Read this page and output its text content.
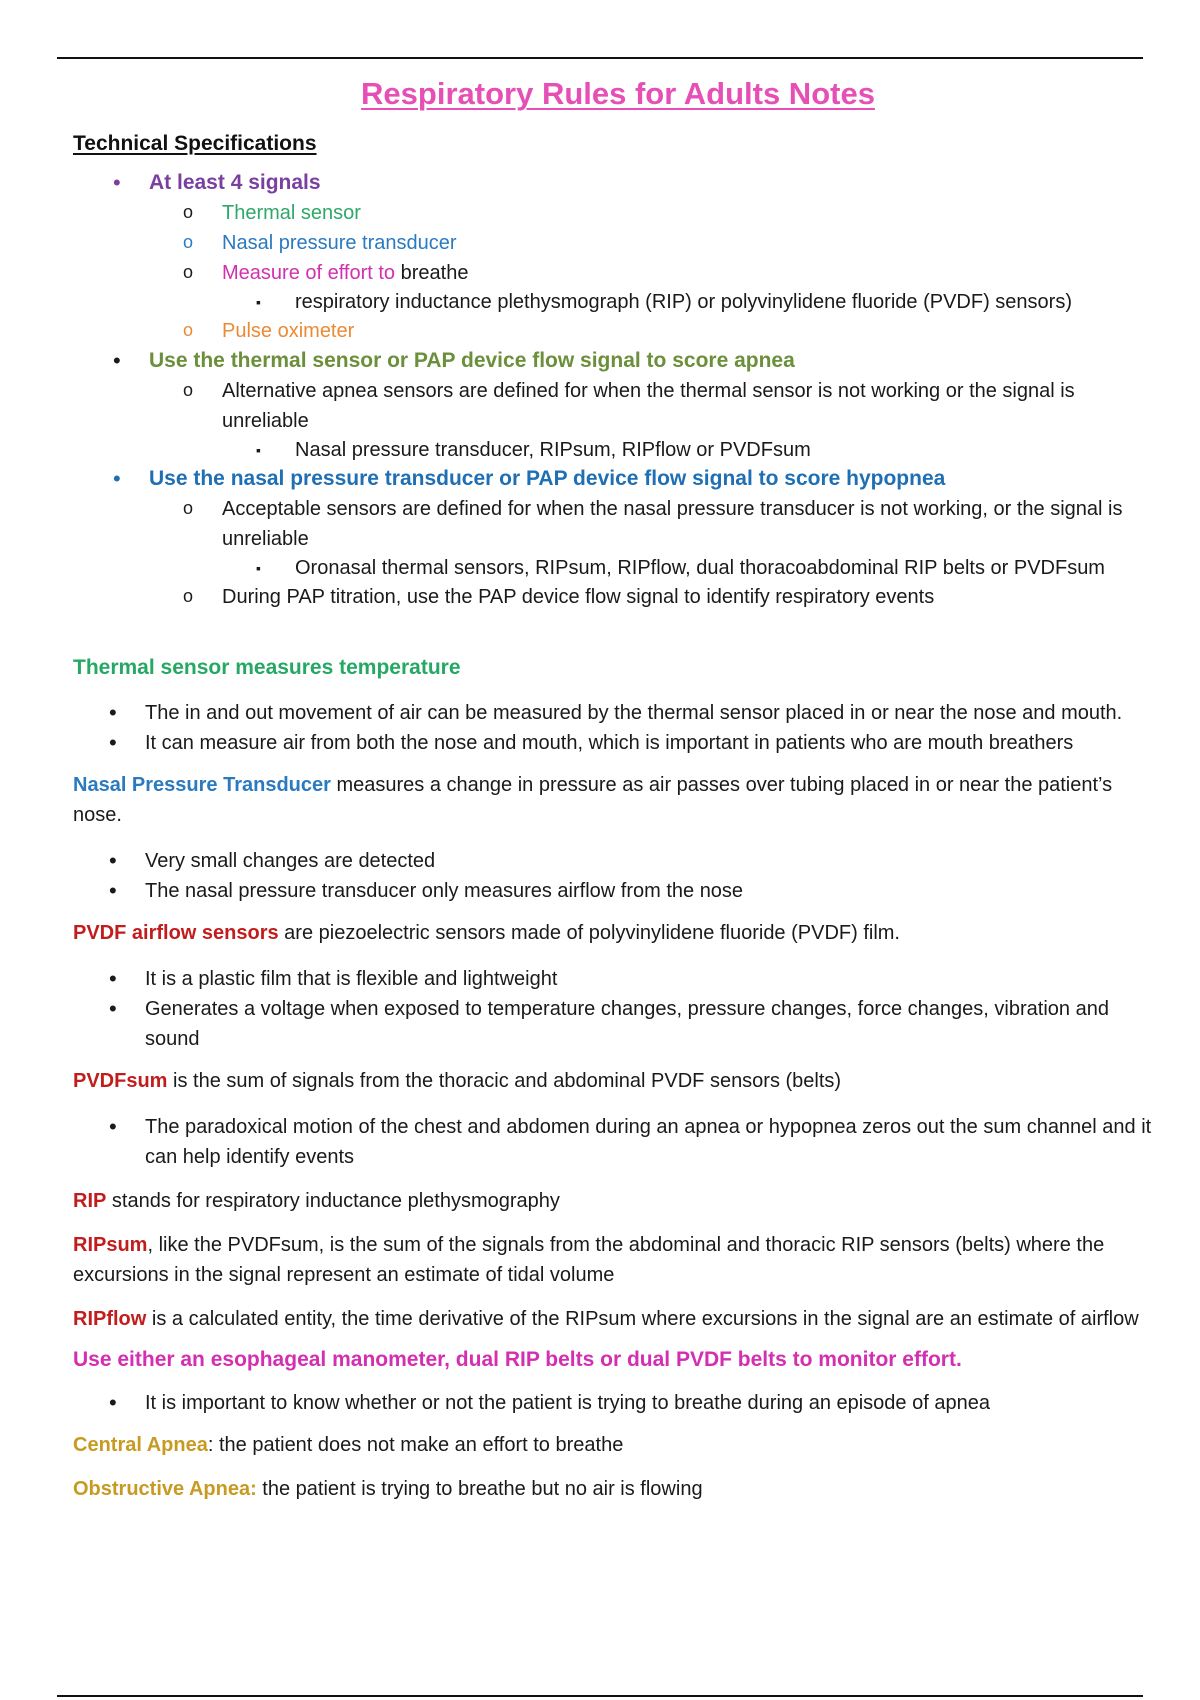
Respiratory Rules for Adults Notes
Technical Specifications
• At least 4 signals
o Thermal sensor
o Nasal pressure transducer
o Measure of effort to breathe
▪ respiratory inductance plethysmograph (RIP) or polyvinylidene fluoride (PVDF) sensors)
o Pulse oximeter
• Use the thermal sensor or PAP device flow signal to score apnea
o Alternative apnea sensors are defined for when the thermal sensor is not working or the signal is unreliable
▪ Nasal pressure transducer, RIPsum, RIPflow or PVDFsum
• Use the nasal pressure transducer or PAP device flow signal to score hypopnea
o Acceptable sensors are defined for when the nasal pressure transducer is not working, or the signal is unreliable
▪ Oronasal thermal sensors, RIPsum, RIPflow, dual thoracoabdominal RIP belts or PVDFsum
o During PAP titration, use the PAP device flow signal to identify respiratory events

Thermal sensor measures temperature

• The in and out movement of air can be measured by the thermal sensor placed in or near the nose and mouth.
• It can measure air from both the nose and mouth, which is important in patients who are mouth breathers

Nasal Pressure Transducer measures a change in pressure as air passes over tubing placed in or near the patient’s nose.

• Very small changes are detected
• The nasal pressure transducer only measures airflow from the nose

PVDF airflow sensors are piezoelectric sensors made of polyvinylidene fluoride (PVDF) film.

• It is a plastic film that is flexible and lightweight
• Generates a voltage when exposed to temperature changes, pressure changes, force changes, vibration and sound

PVDFsum is the sum of signals from the thoracic and abdominal PVDF sensors (belts)

• The paradoxical motion of the chest and abdomen during an apnea or hypopnea zeros out the sum channel and it can help identify events

RIP stands for respiratory inductance plethysmography

RIPsum, like the PVDFsum, is the sum of the signals from the abdominal and thoracic RIP sensors (belts) where the excursions in the signal represent an estimate of tidal volume

RIPflow is a calculated entity, the time derivative of the RIPsum where excursions in the signal are an estimate of airflow

Use either an esophageal manometer, dual RIP belts or dual PVDF belts to monitor effort.

• It is important to know whether or not the patient is trying to breathe during an episode of apnea

Central Apnea: the patient does not make an effort to breathe

Obstructive Apnea: the patient is trying to breathe but no air is flowing
